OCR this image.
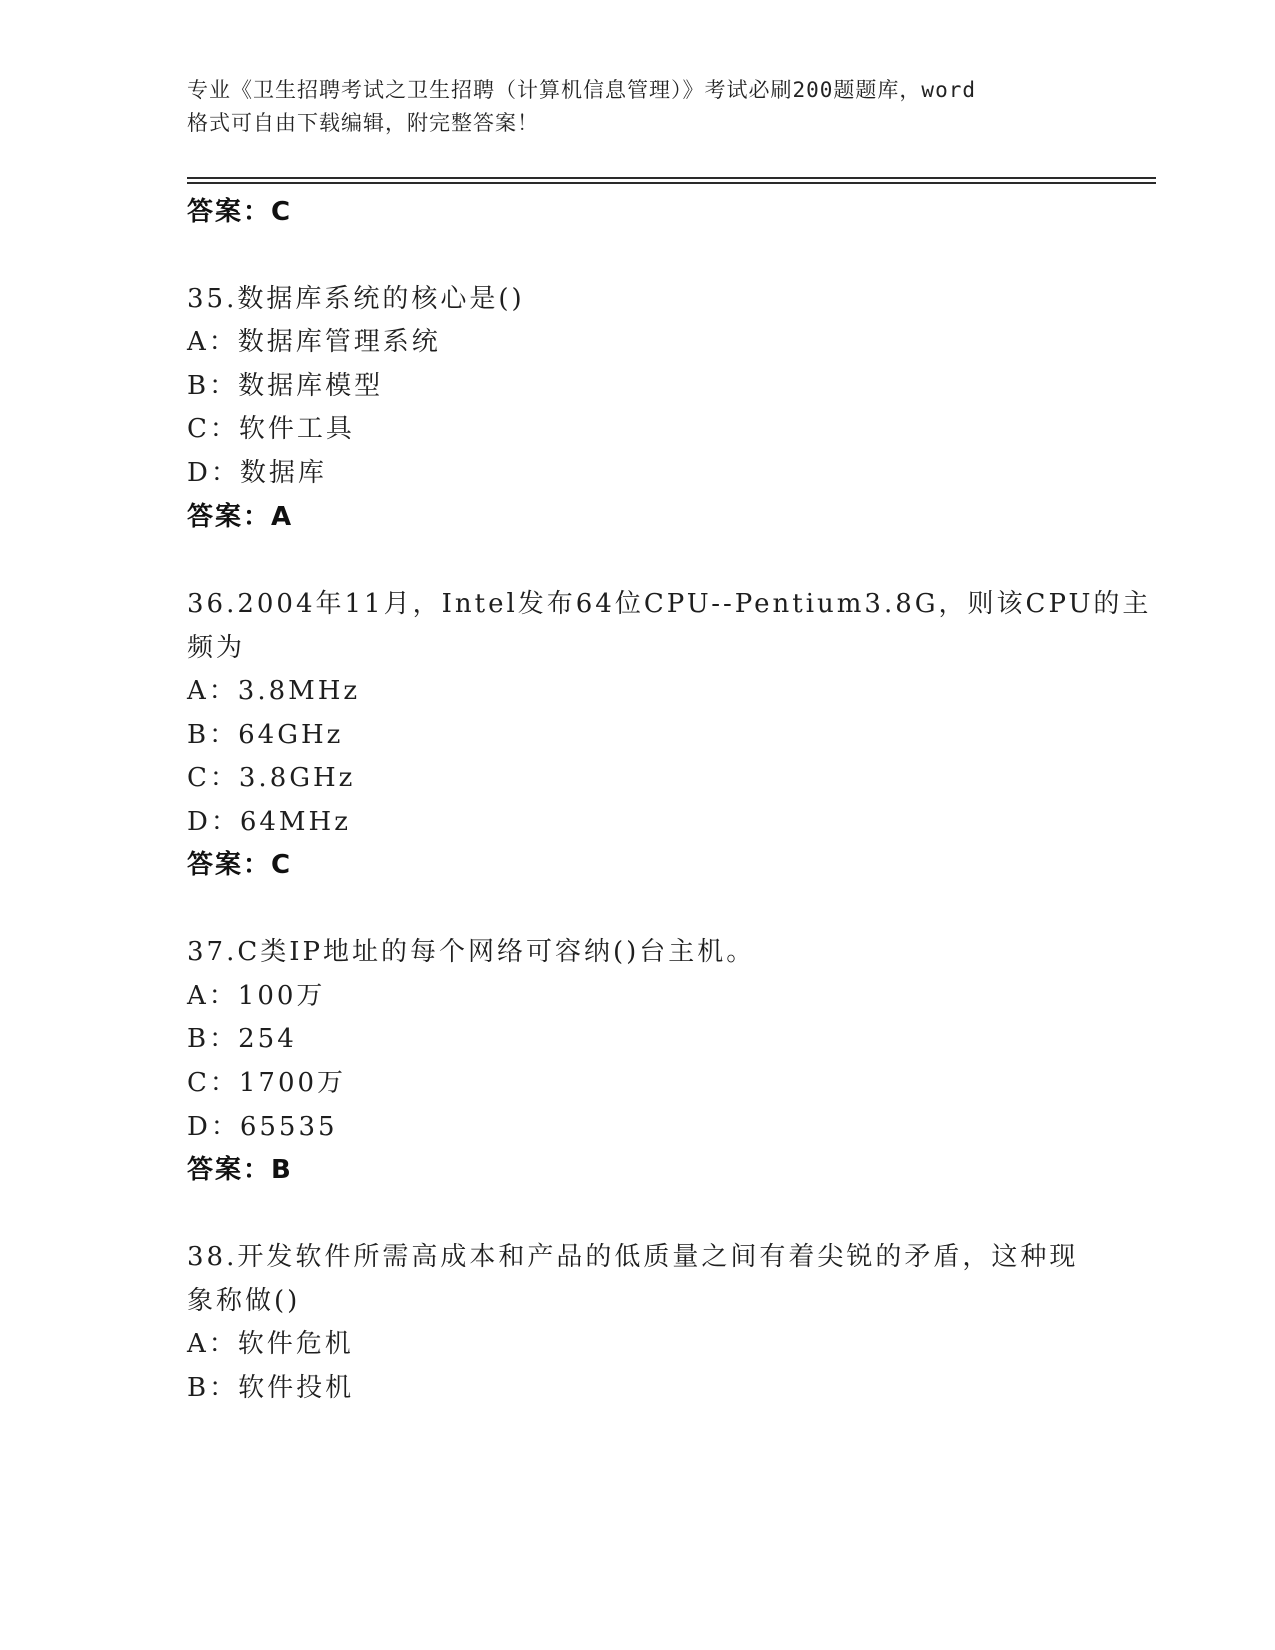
专业《卫生招聘考试之卫生招聘（计算机信息管理）》考试必刷200题题库，word
格式可自由下载编辑，附完整答案！
答案：C
35.数据库系统的核心是()
A：数据库管理系统
B：数据库模型
C：软件工具
D：数据库
答案：A
36.2004年11月，Intel发布64位CPU--Pentium3.8G，则该CPU的主
频为
A：3.8MHz
B：64GHz
C：3.8GHz
D：64MHz
答案：C
37.C类IP地址的每个网络可容纳()台主机。
A：100万
B：254
C：1700万
D：65535
答案：B
38.开发软件所需高成本和产品的低质量之间有着尖锐的矛盾，这种现
象称做()
A：软件危机
B：软件投机
